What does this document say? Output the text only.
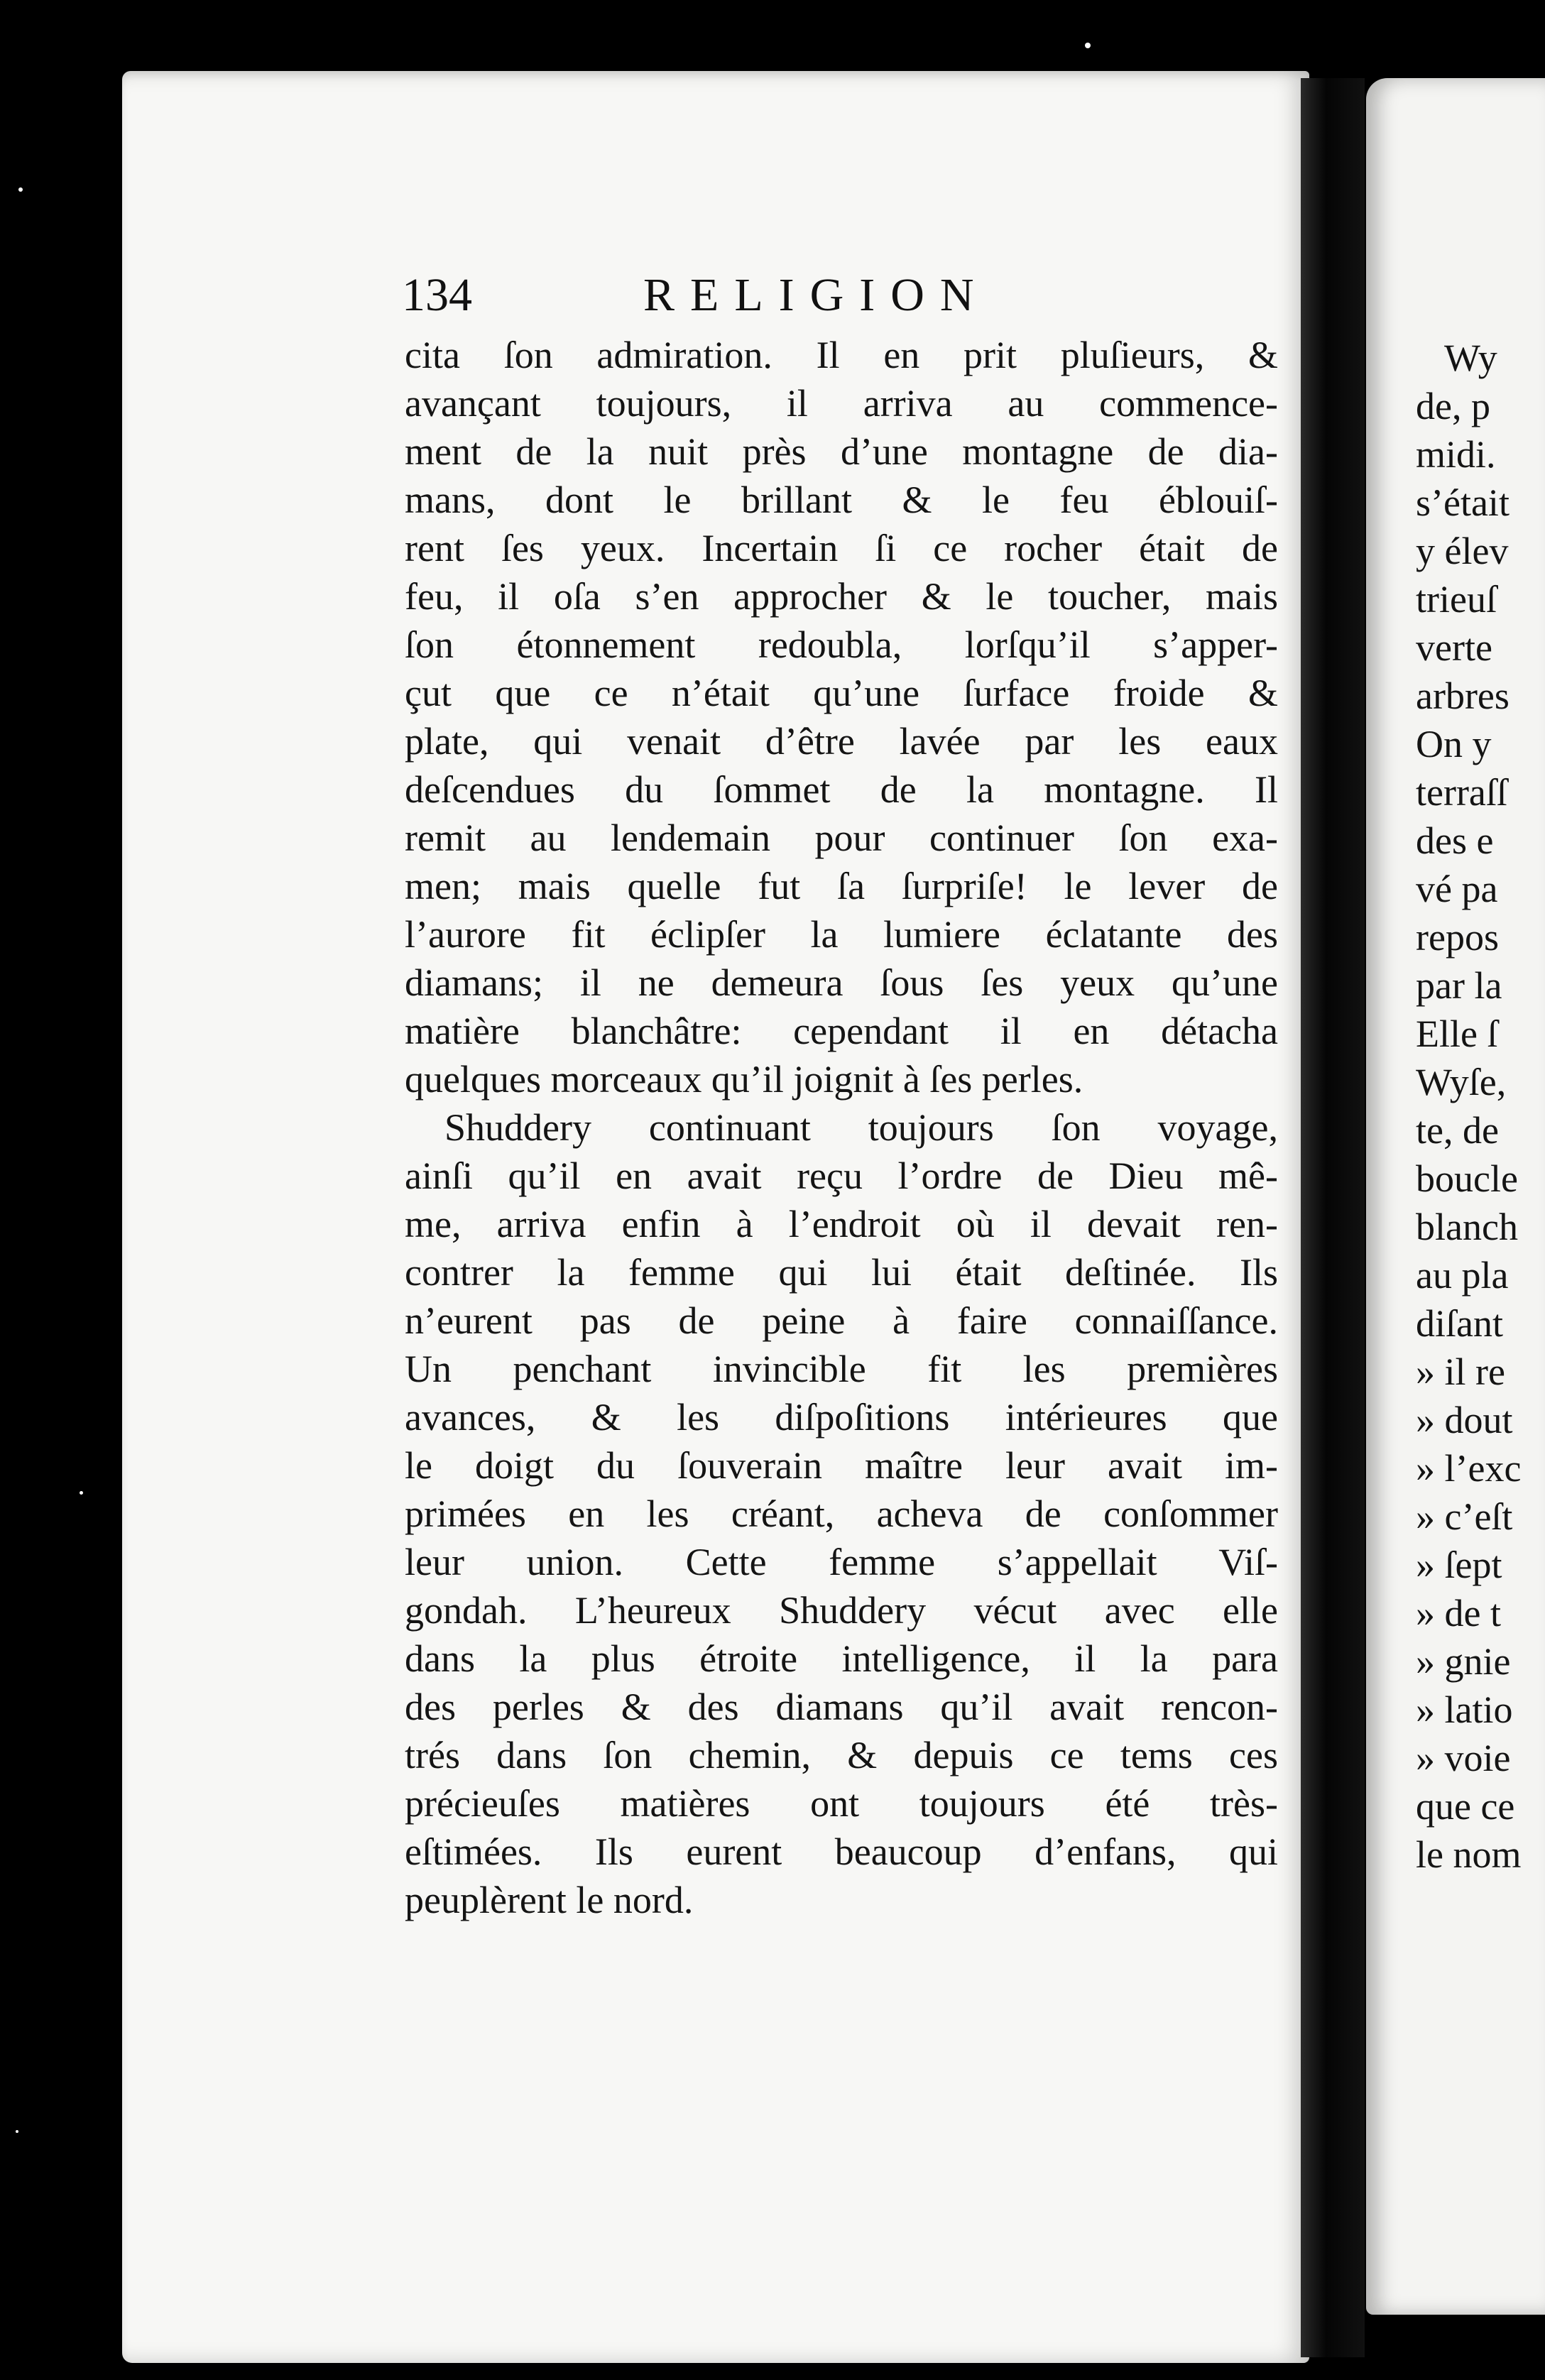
134	RELIGION
cita ſon admiration. Il en prit pluſieurs, &
avançant toujours, il arriva au commence-
ment de la nuit près d’une montagne de dia-
mans, dont le brillant & le feu éblouiſ-
rent ſes yeux. Incertain ſi ce rocher était de
feu, il oſa s’en approcher & le toucher, mais
ſon étonnement redoubla, lorſqu’il s’apper-
çut que ce n’était qu’une ſurface froide &
plate, qui venait d’être lavée par les eaux
deſcendues du ſommet de la montagne. Il
remit au lendemain pour continuer ſon exa-
men; mais quelle fut ſa ſurpriſe! le lever de
l’aurore fit éclipſer la lumiere éclatante des
diamans; il ne demeura ſous ſes yeux qu’une
matière blanchâtre: cependant il en détacha
quelques morceaux qu’il joignit à ſes perles.
Shuddery continuant toujours ſon voyage,
ainſi qu’il en avait reçu l’ordre de Dieu mê-
me, arriva enfin à l’endroit où il devait ren-
contrer la femme qui lui était deſtinée. Ils
n’eurent pas de peine à faire connaiſſance.
Un penchant invincible fit les premières
avances, & les diſpoſitions intérieures que
le doigt du ſouverain maître leur avait im-
primées en les créant, acheva de conſommer
leur union. Cette femme s’appellait Viſ-
gondah. L’heureux Shuddery vécut avec elle
dans la plus étroite intelligence, il la para
des perles & des diamans qu’il avait rencon-
trés dans ſon chemin, & depuis ce tems ces
précieuſes matières ont toujours été très-
eſtimées. Ils eurent beaucoup d’enfans, qui
peuplèrent le nord.
Wy
de, p
midi.
s’était
y élev
trieuſ
verte
arbres
On y
terraſſ
des e
vé pa
repos
par la
Elle ſ
Wyſe,
te, de
boucle
blanch
au pla
diſant
» il re
» dout
» l’exc
» c’eſt
» ſept
» de t
» gnie
» latio
» voie
que ce
le nom
